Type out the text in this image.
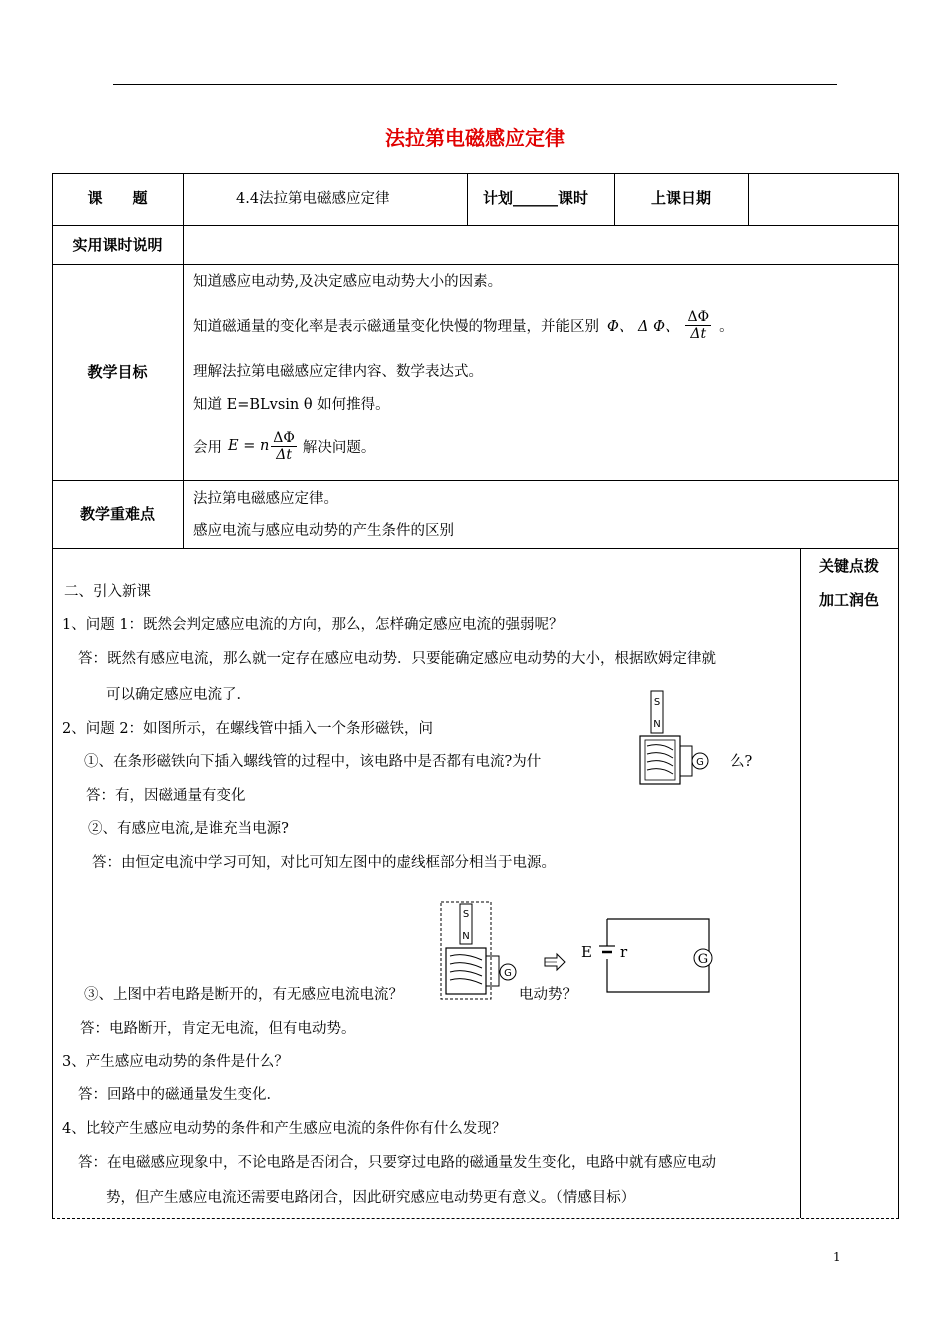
法拉第电磁感应定律
课　　题	4.4法拉第电磁感应定律	计划______课时	上课日期
实用课时说明
教学目标
知道感应电动势,及决定感应电动势大小的因素。
知道磁通量的变化率是表示磁通量变化快慢的物理量，并能区别 Φ、 Δ Φ、 $\frac{\Delta\Phi}{\Delta t}$ 。
理解法拉第电磁感应定律内容、数学表达式。
知道 E=BLvsin θ 如何推得。
会用 E = n $\frac{\Delta\Phi}{\Delta t}$ 解决问题。
教学重难点
法拉第电磁感应定律。
感应电流与感应电动势的产生条件的区别
关键点拨
加工润色
二、引入新课
1、问题 1：既然会判定感应电流的方向，那么，怎样确定感应电流的强弱呢？
答：既然有感应电流，那么就一定存在感应电动势．只要能确定感应电动势的大小，根据欧姆定律就
可以确定感应电流了．
2、问题 2：如图所示，在螺线管中插入一个条形磁铁，问
①、在条形磁铁向下插入螺线管的过程中，该电路中是否都有电流?为什	么?
答：有，因磁通量有变化
②、有感应电流,是谁充当电源?
答：由恒定电流中学习可知，对比可知左图中的虚线框部分相当于电源。
③、上图中若电路是断开的，有无感应电流电流？	电动势？
答：电路断开，肯定无电流，但有电动势。
3、产生感应电动势的条件是什么？
答：回路中的磁通量发生变化．
4、比较产生感应电动势的条件和产生感应电流的条件你有什么发现？
答：在电磁感应现象中，不论电路是否闭合，只要穿过电路的磁通量发生变化，电路中就有感应电动
势，但产生感应电流还需要电路闭合，因此研究感应电动势更有意义。（情感目标）
S
N
G
S
N
G
E r	G
1
